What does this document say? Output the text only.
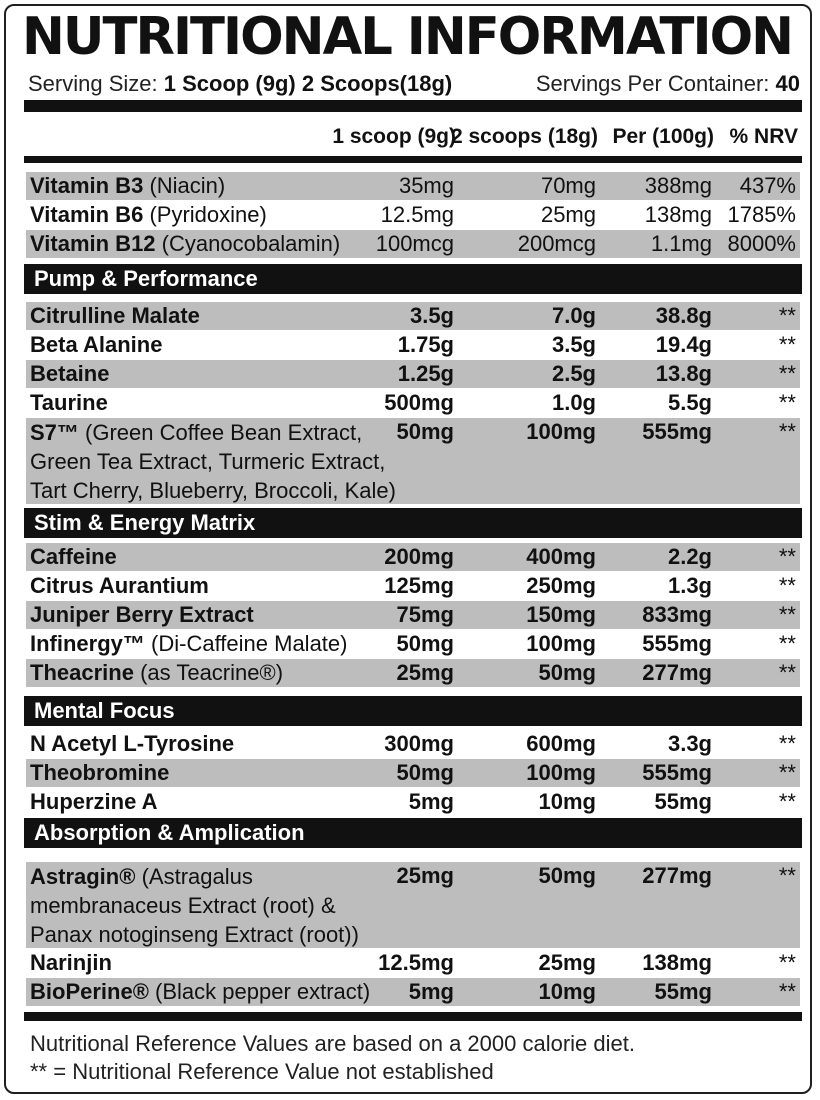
NUTRITIONAL INFORMATION
Serving Size: 1 Scoop (9g) 2 Scoops(18g)	Servings Per Container: 40
1 scoop (9g)
2 scoops (18g) Per (100g) % NRV
Vitamin B3 (Niacin)	35mg	70mg 388mg 437%
Vitamin B6 (Pyridoxine)	12.5mg	25mg 138mg 1785%
Vitamin B12 (Cyanocobalamin) 100mcg	200mcg 1.1mg 8000%
Pump & Performance
Citrulline Malate	3.5g	7.0g	38.8g	**
Beta Alanine	1.75g	3.5g	19.4g	**
Betaine	1.25g	2.5g	13.8g	**
Taurine	500mg	1.0g	5.5g	**
S7™ (Green Coffee Bean Extract, Green Tea Extract, Turmeric Extract, Tart Cherry, Blueberry, Broccoli, Kale)
50mg	100mg 555mg	**
Stim & Energy Matrix
Caffeine	200mg	400mg	2.2g	**
Citrus Aurantium	125mg	250mg	1.3g	**
Juniper Berry Extract	75mg	150mg 833mg	**
Infinergy™ (Di-Caffeine Malate) 50mg	100mg 555mg	**
Theacrine (as Teacrine®)	25mg	50mg 277mg	**
Mental Focus
N Acetyl L-Tyrosine	300mg	600mg	3.3g	**
Theobromine	50mg	100mg 555mg	**
Huperzine A	5mg	10mg	55mg	**
Absorption & Amplication
Astragin® (Astragalus membranaceus Extract (root) & Panax notoginseng Extract (root))
25mg	50mg 277mg	**
Narinjin	12.5mg	25mg 138mg	**
BioPerine® (Black pepper extract) 5mg	10mg	55mg	**
Nutritional Reference Values are based on a 2000 calorie diet.
** = Nutritional Reference Value not established
